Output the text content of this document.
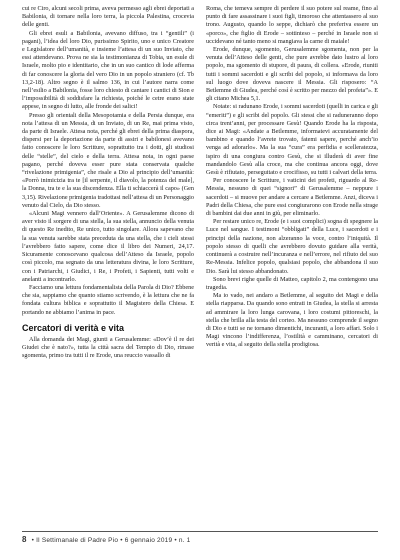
cui re Ciro, alcuni secoli prima, aveva permesso agli ebrei deportati a Babilonia, di tornare nella loro terra, la piccola Palestina, crocevia delle genti.

Gli ebrei esuli a Babilonia, avevano diffuso, tra i “gentili” (i pagani), l’idea del loro Dio, purissimo Spirito, uno e unico Creatore e Legislatore dell’umanità, e insieme l’attesa di un suo Inviato, che essi attendevano. Prova ne sia la testimonianza di Tobia, un esule di Israele, molto pio e identitario, che in un suo cantico di lode afferma di far conoscere la gloria del vero Dio in un popolo straniero (cf. Tb 13,2-18). Altro segno è il salmo 136, in cui l’autore narra come nell’esilio a Babilonia, fosse loro chiesto di cantare i cantici di Sion e l’impossibilità di soddisfare la richiesta, poiché le cetre erano state appese, in segno di lutto, alle fronde dei salici!

Presso gli orientali della Mesopotamia e della Persia dunque, era nota l’attesa di un Messia, di un Inviato, di un Re, mai prima visto, da parte di Israele. Attesa nota, perché gli ebrei della prima diaspora, dispersi per la deportazione da parte di assiri e babilonesi avevano fatto conoscere le loro Scritture, soprattutto tra i dotti, gli studiosi delle “stelle”, del cielo e della terra. Attesa nota, in ogni paese pagano, perché doveva esser pure stata conservata qualche “rivelazione primigenia”, che risale a Dio al principio dell’umanità: «Porrò inimicizia tra te [il serpente, il diavolo, la potenza del male], la Donna, tra te e la sua discendenza. Ella ti schiaccerà il capo» (Gen 3,15). Rivelazione primigenia tradottasi nell’attesa di un Personaggio venuto dal Cielo, da Dio stesso.

«Alcuni Magi vennero dall’Oriente». A Gerusalemme dicono di aver visto il sorgere di una stella, la sua stella, annuncio della venuta di questo Re inedito, Re unico, tutto singolare. Allora sapevano che la sua venuta sarebbe stata preceduta da una stella, che i cieli stessi l’avrebbero fatto sapere, come dice il libro dei Numeri, 24,17. Sicuramente conoscevano qualcosa dell’Atteso da Israele, popolo così piccolo, ma segnato da una letteratura divina, le loro Scritture, con i Patriarchi, i Giudici, i Re, i Profeti, i Sapienti, tutti volti e anelanti a incontrarlo.

Facciamo una lettura fondamentalista della Parola di Dio? Ebbene che sia, sappiamo che quanto stiamo scrivendo, è la lettura che ne fa fondata cultura biblica e soprattutto il Magistero della Chiesa. E portando ne abbiamo l’anima in pace.

Cercatori di verità e vita

Alla domanda dei Magi, giunti a Gerusalemme: «Dov’è il re dei Giudei che è nato?», tutta la città sacra del Tempio di Dio, rimase sgomenta, primo tra tutti il re Erode, una reuccio vassallo di

Roma, che temeva sempre di perdere il suo potere sul reame, fino al punto di fare assassinare i suoi figli, timoroso che attentassero al suo trono. Augusto, quando lo seppe, dichiarò che preferiva essere un «porco», che figlio di Erode – sottinteso – perché in Israele non si uccidevano né tanto meno si mangiava la carne di maiale!

Erode, dunque, sgomento, Gerusalemme sgomenta, non per la venuta dell’Atteso delle genti, che pure avrebbe dato lustro al loro popolo, ma sgomento di stupore, di paura, di collera. «Erode, riuniti tutti i sommi sacerdoti e gli scribi del popolo, si informava da loro sul luogo dove doveva nascere il Messia. Gli risposero: “A Betlemme di Giudea, perché così è scritto per mezzo del profeta”». E gli citano Michea 5,1.

Notate: si radunano Erode, i sommi sacerdoti (quelli in carica e gli “emeriti”) e gli scribi del popolo. Gli stessi che si raduneranno dopo circa trent’anni, per processare Gesù! Quando Erode ha la risposta, dice ai Magi: «Andate a Betlemme, informatevi accuratamente del bambino e quando l’avrete trovato, fatemi sapere, perché anch’io venga ad adorarlo». Ma la sua “cura” era perfidia e scelleratezza, ispiro di una congiura contro Gesù, che si illuderà di aver fine mandandolo Gesù alla croce, ma che continua ancora oggi, dove Gesù è rifiutato, perseguitato e crocifisso, su tutti i calvari della terra.

Per conoscere le Scritture, i vaticini dei profeti, riguardo al Re-Messia, nessuno di quei “signori” di Gerusalemme – neppure i sacerdoti – si muove per andare a cercare a Betlemme. Anzi, diceva i Padri della Chiesa, che pure essi congiurarono con Erode nella strage di bambini dai due anni in giù, per eliminarlo.

Per restare unico re, Erode (e i suoi complici) sogna di spegnere la Luce nel sangue. I testimoni “obbligati” della Luce, i sacerdoti e i principi della nazione, non alzeranno la voce, contro l’iniquità. Il popolo stesso di quelli che avrebbero dovuto guidare alla verità, continuerà a costruire nell’incuranza e nell’errore, nel rifiuto del suo Re-Messia. Infelice popolo, qualsiasi popolo, che abbandona il suo Dio. Sarà lui stesso abbandonato.

Sono brevi righe quelle di Matteo, capitolo 2, ma contengono una tragedia.

Ma io vado, nei andaro a Betlemme, al seguito dei Magi e della stella riapparsa. Da quando sono entrati in Giudea, la stella si arresta ad ammirare la loro lunga carovana, i loro costumi pittoreschi, la stella che brilla alla testa del corteo. Ma nessuno comprende il segno di Dio e tutti se ne tornano dimentichi, incuranti, a loro affari. Solo i Magi vincono l’indifferenza, l’ostilità e camminano, cercatori di verità e vita, al seguito della stella prodigiosa.

8 • Il Settimanale di Padre Pio • 6 gennaio 2019 • n. 1
